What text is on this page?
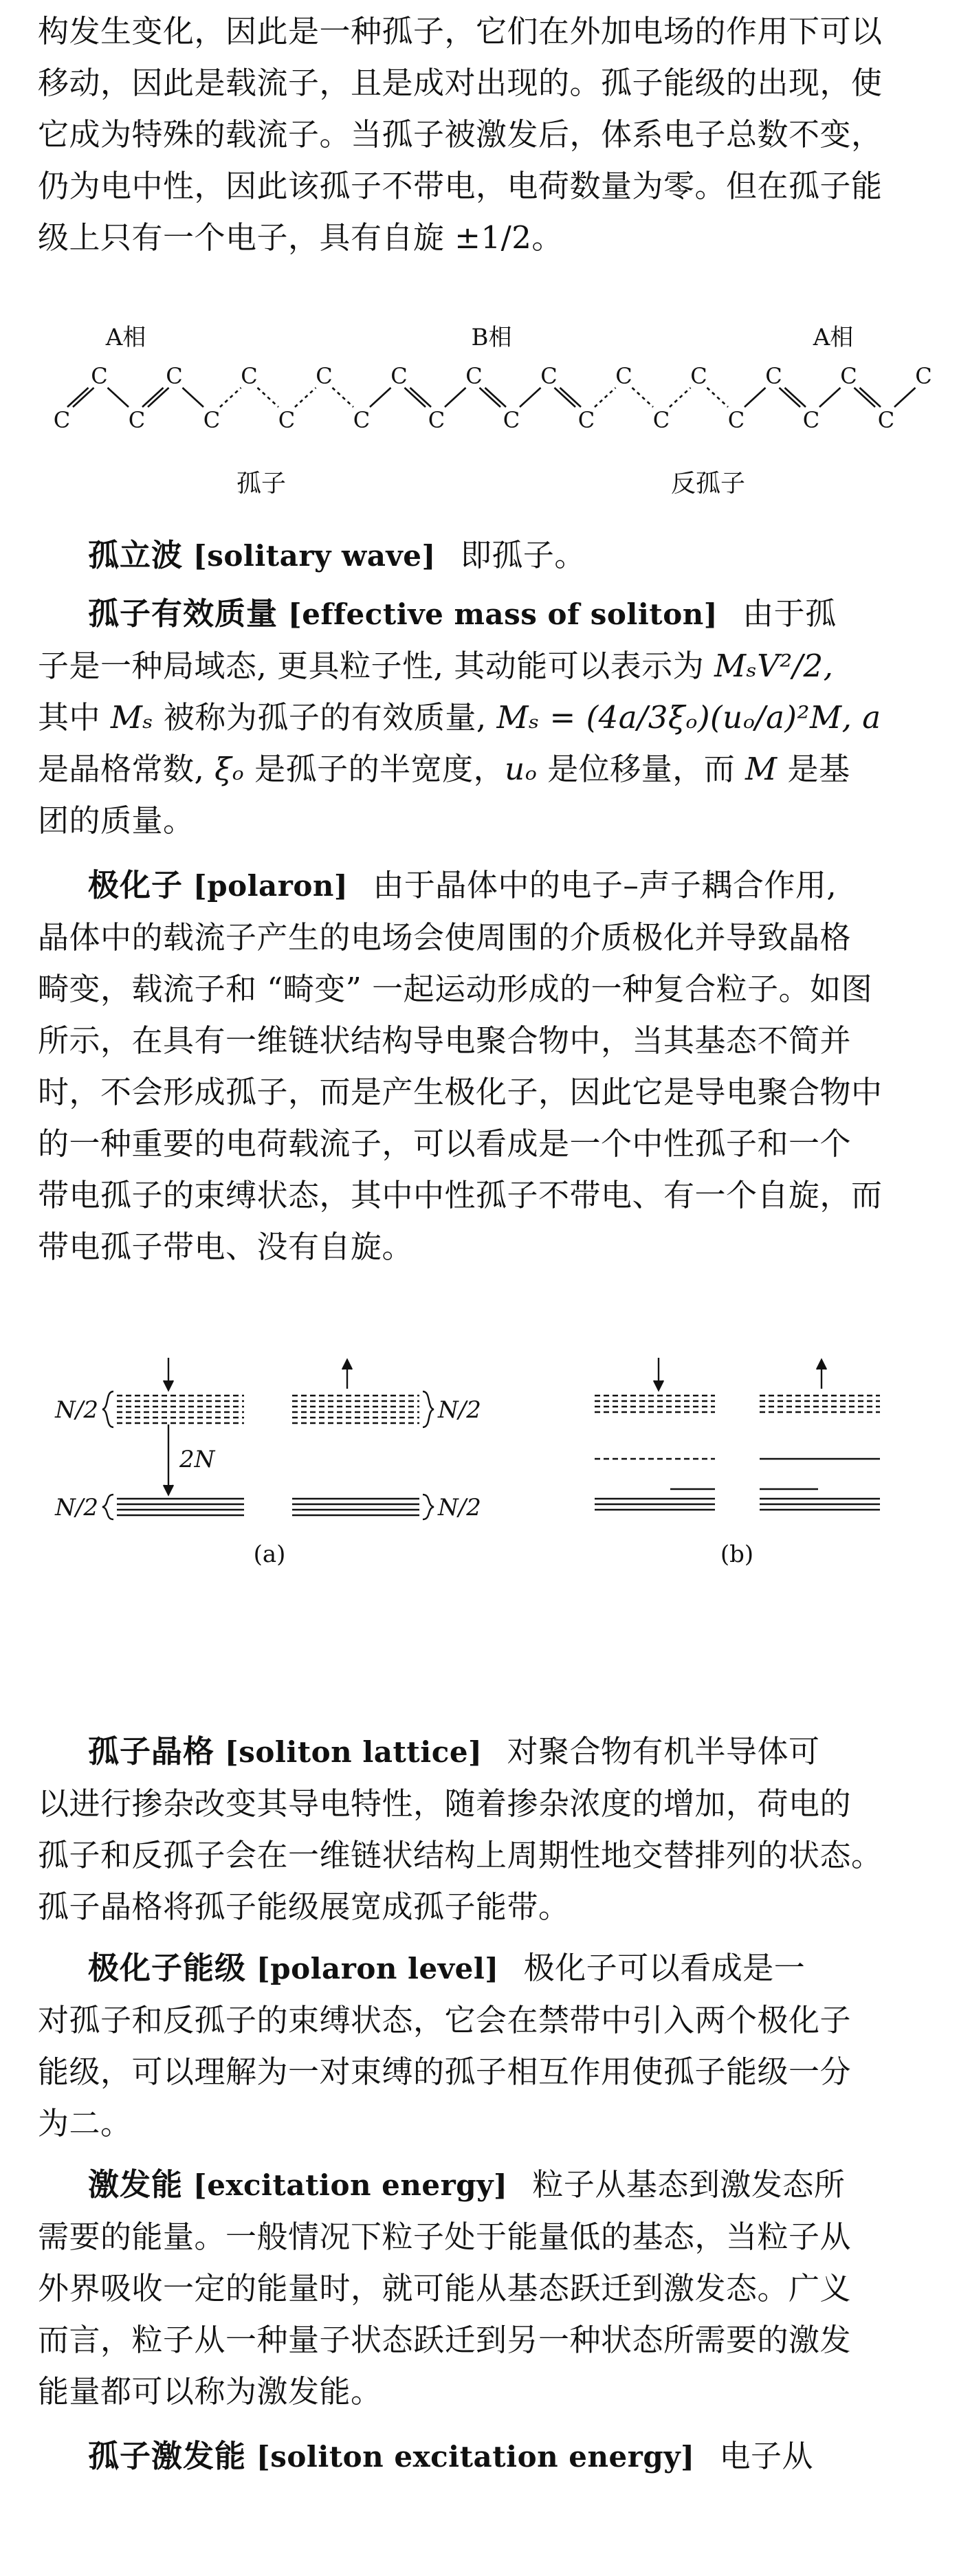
构发生变化，因此是一种孤子，它们在外加电场的作用下可以

移动，因此是载流子，且是成对出现的。孤子能级的出现，使

它成为特殊的载流子。当孤子被激发后，体系电子总数不变，

仍为电中性，因此该孤子不带电，电荷数量为零。但在孤子能

级上只有一个电子，具有自旋 ±1/2。

A相	B相	A相
C
C
C
C
C
C
C
C
C
C
C
C
C
C
C
C
C
C
C
C
C
C
C
C
孤子	反孤子

孤立波 [solitary wave] 即孤子。

孤子有效质量 [effective mass of soliton] 由于孤

子是一种局域态, 更具粒子性, 其动能可以表示为 MₛV²/2,

其中 Mₛ 被称为孤子的有效质量, Mₛ = (4a/3ξₒ)(uₒ/a)²M, a

是晶格常数, ξₒ 是孤子的半宽度，uₒ 是位移量，而 M 是基

团的质量。

极化子 [polaron] 由于晶体中的电子–声子耦合作用,

晶体中的载流子产生的电场会使周围的介质极化并导致晶格

畸变，载流子和 “畸变” 一起运动形成的一种复合粒子。如图

所示，在具有一维链状结构导电聚合物中，当其基态不简并

时，不会形成孤子，而是产生极化子，因此它是导电聚合物中

的一种重要的电荷载流子，可以看成是一个中性孤子和一个

带电孤子的束缚状态，其中中性孤子不带电、有一个自旋，而

带电孤子带电、没有自旋。

N/2
N/2
N/2
N/2
2N
(a)	(b)

孤子晶格 [soliton lattice] 对聚合物有机半导体可

以进行掺杂改变其导电特性，随着掺杂浓度的增加，荷电的

孤子和反孤子会在一维链状结构上周期性地交替排列的状态。

孤子晶格将孤子能级展宽成孤子能带。

极化子能级 [polaron level] 极化子可以看成是一

对孤子和反孤子的束缚状态，它会在禁带中引入两个极化子

能级，可以理解为一对束缚的孤子相互作用使孤子能级一分

为二。

激发能 [excitation energy] 粒子从基态到激发态所

需要的能量。一般情况下粒子处于能量低的基态，当粒子从

外界吸收一定的能量时，就可能从基态跃迁到激发态。广义

而言，粒子从一种量子状态跃迁到另一种状态所需要的激发

能量都可以称为激发能。

孤子激发能 [soliton excitation energy] 电子从
